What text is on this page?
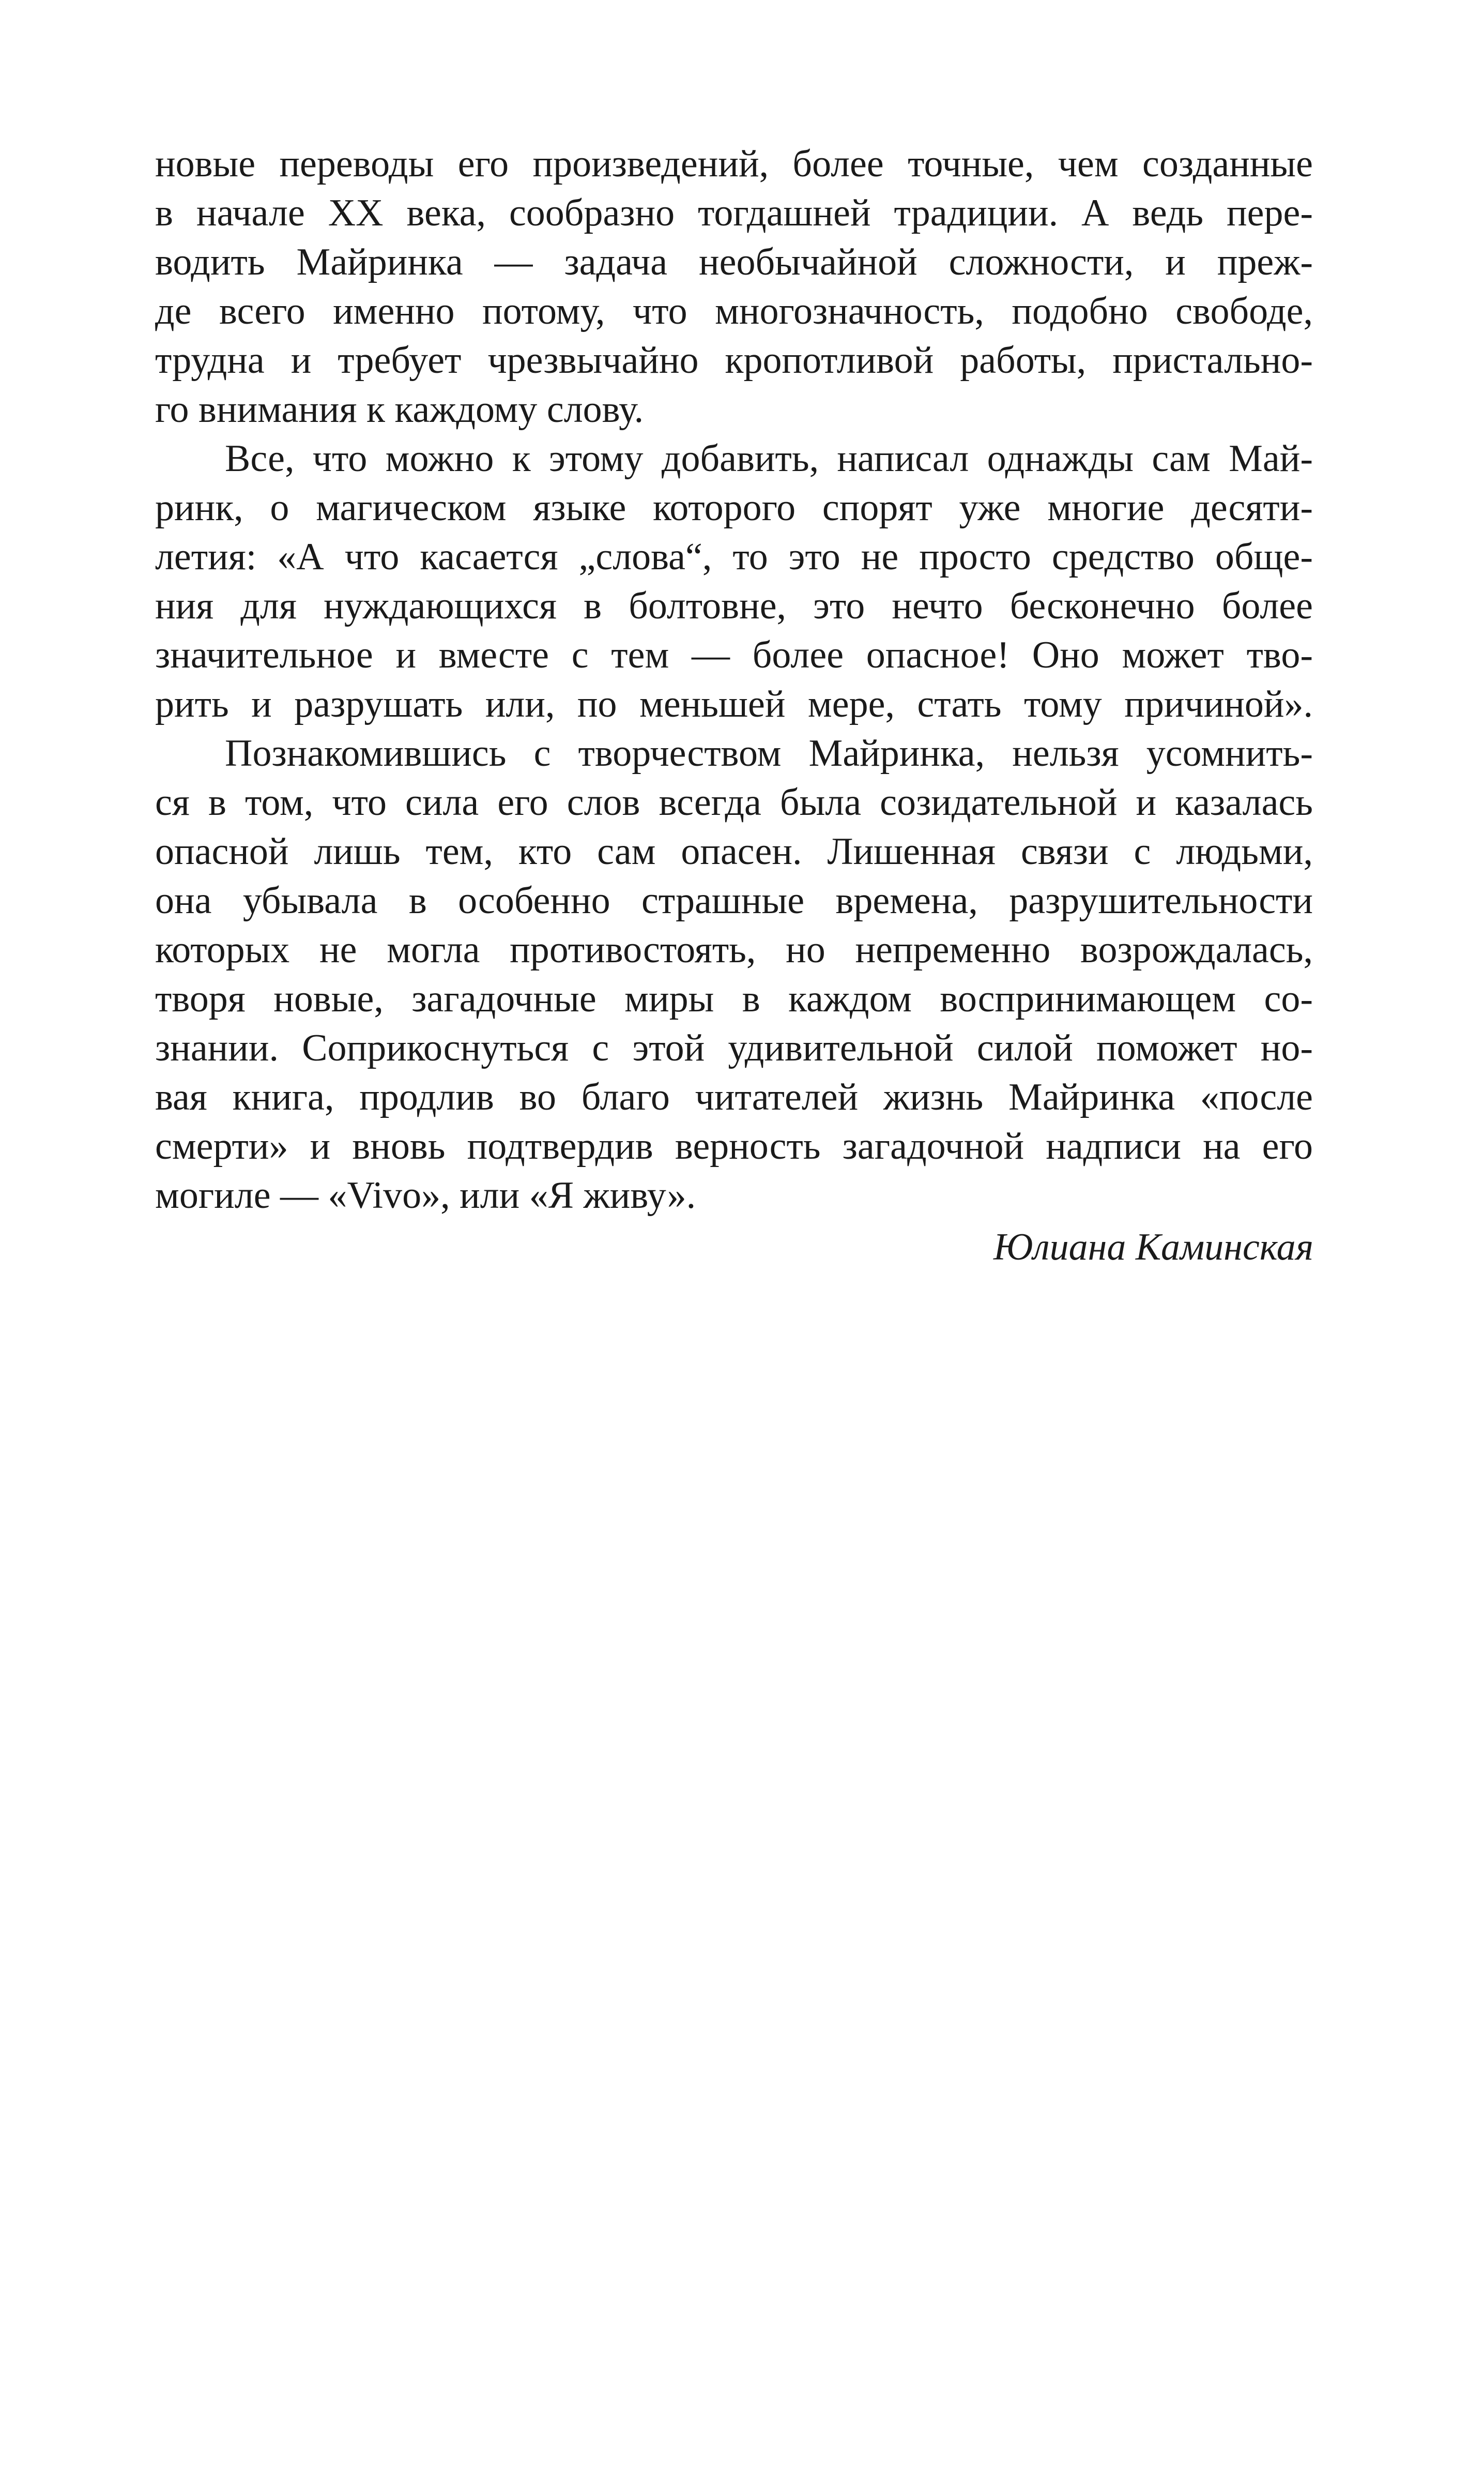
новые переводы его произведений, более точные, чем созданные
в начале XX века, сообразно тогдашней традиции. А ведь пере-
водить Майринка — задача необычайной сложности, и преж-
де всего именно потому, что многозначность, подобно свободе,
трудна и требует чрезвычайно кропотливой работы, пристально-
го внимания к каждому слову.
Все, что можно к этому добавить, написал однажды сам Май-
ринк, о магическом языке которого спорят уже многие десяти-
летия: «А что касается „слова“, то это не просто средство обще-
ния для нуждающихся в болтовне, это нечто бесконечно более
значительное и вместе с тем — более опасное! Оно может тво-
рить и разрушать или, по меньшей мере, стать тому причиной».
Познакомившись с творчеством Майринка, нельзя усомнить-
ся в том, что сила его слов всегда была созидательной и казалась
опасной лишь тем, кто сам опасен. Лишенная связи с людьми,
она убывала в особенно страшные времена, разрушительности
которых не могла противостоять, но непременно возрождалась,
творя новые, загадочные миры в каждом воспринимающем со-
знании. Соприкоснуться с этой удивительной силой поможет но-
вая книга, продлив во благо читателей жизнь Майринка «после
смерти» и вновь подтвердив верность загадочной надписи на его
могиле — «Vivo», или «Я живу».
Юлиана Каминская
